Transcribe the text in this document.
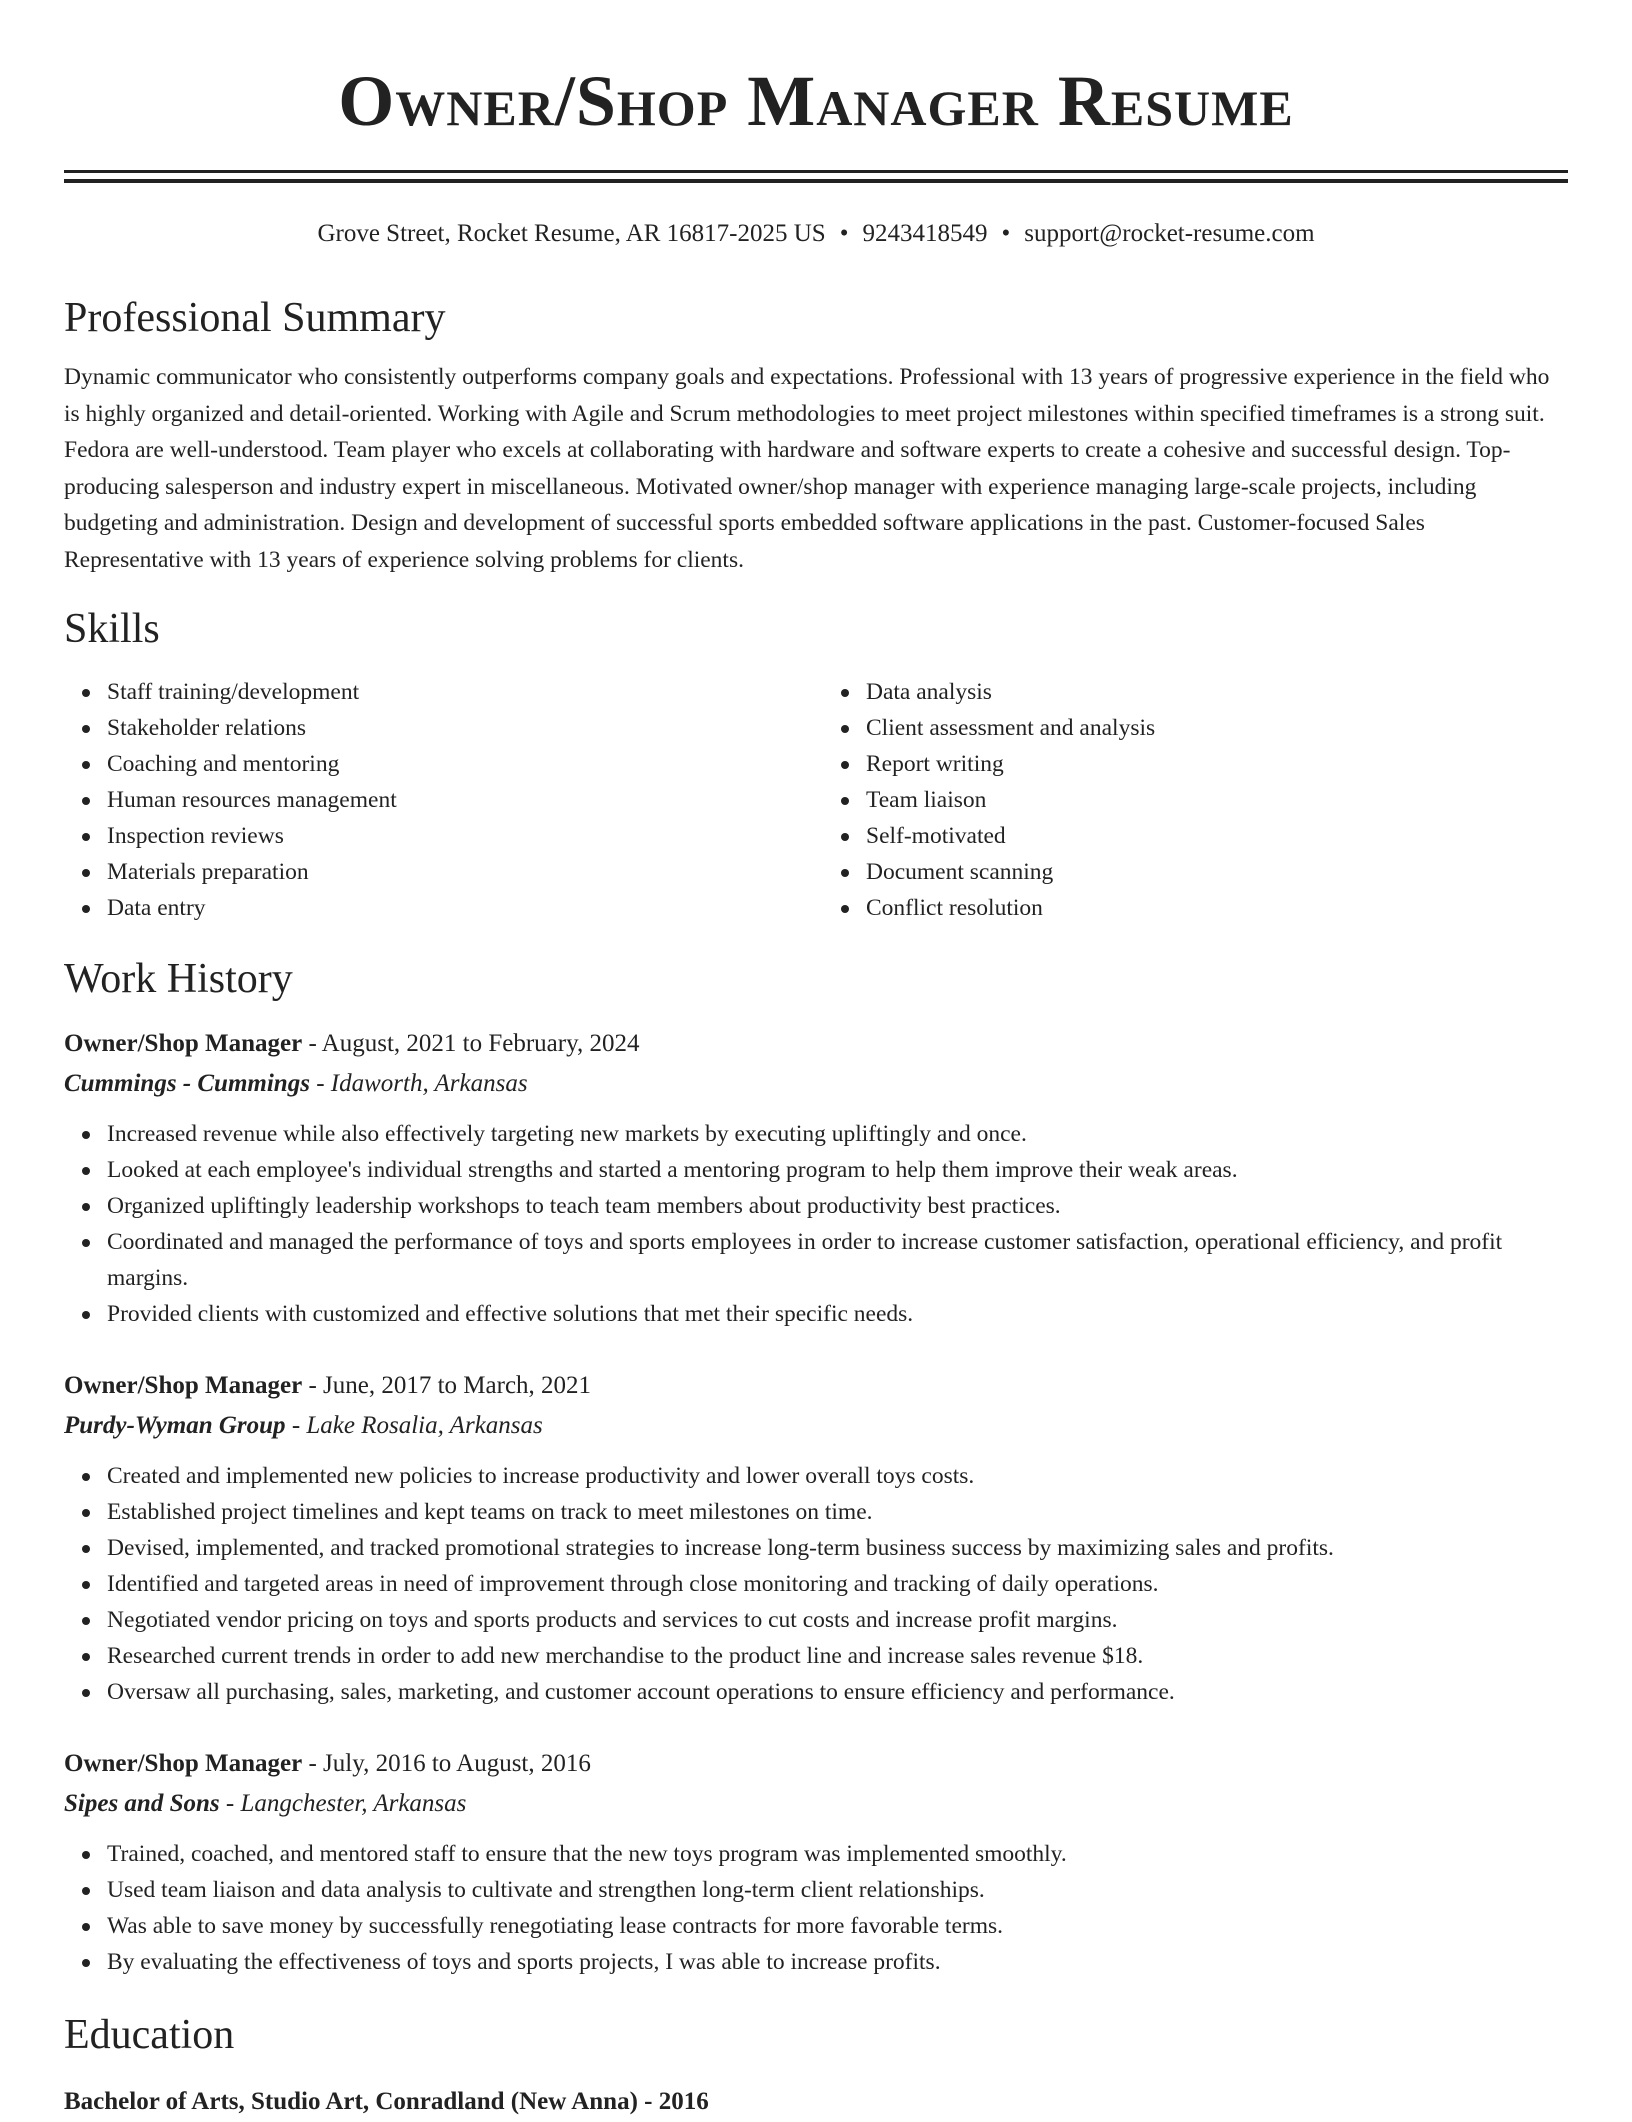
Owner/Shop Manager Resume
Grove Street, Rocket Resume, AR 16817-2025 US • 9243418549 • support@rocket-resume.com
Professional Summary

Dynamic communicator who consistently outperforms company goals and expectations. Professional with 13 years of progressive experience in the field who is highly organized and detail-oriented. Working with Agile and Scrum methodologies to meet project milestones within specified timeframes is a strong suit. Fedora are well-understood. Team player who excels at collaborating with hardware and software experts to create a cohesive and successful design. Top-producing salesperson and industry expert in miscellaneous. Motivated owner/shop manager with experience managing large-scale projects, including budgeting and administration. Design and development of successful sports embedded software applications in the past. Customer-focused Sales Representative with 13 years of experience solving problems for clients.

Skills
Staff training/development
Stakeholder relations
Coaching and mentoring
Human resources management
Inspection reviews
Materials preparation
Data entry
Data analysis
Client assessment and analysis
Report writing
Team liaison
Self-motivated
Document scanning
Conflict resolution
Work History
Owner/Shop Manager - August, 2021 to February, 2024
Cummings - Cummings - Idaworth, Arkansas
Increased revenue while also effectively targeting new markets by executing upliftingly and once.
Looked at each employee's individual strengths and started a mentoring program to help them improve their weak areas.
Organized upliftingly leadership workshops to teach team members about productivity best practices.
Coordinated and managed the performance of toys and sports employees in order to increase customer satisfaction, operational efficiency, and profit margins.
Provided clients with customized and effective solutions that met their specific needs.
Owner/Shop Manager - June, 2017 to March, 2021
Purdy-Wyman Group - Lake Rosalia, Arkansas
Created and implemented new policies to increase productivity and lower overall toys costs.
Established project timelines and kept teams on track to meet milestones on time.
Devised, implemented, and tracked promotional strategies to increase long-term business success by maximizing sales and profits.
Identified and targeted areas in need of improvement through close monitoring and tracking of daily operations.
Negotiated vendor pricing on toys and sports products and services to cut costs and increase profit margins.
Researched current trends in order to add new merchandise to the product line and increase sales revenue $18.
Oversaw all purchasing, sales, marketing, and customer account operations to ensure efficiency and performance.
Owner/Shop Manager - July, 2016 to August, 2016
Sipes and Sons - Langchester, Arkansas
Trained, coached, and mentored staff to ensure that the new toys program was implemented smoothly.
Used team liaison and data analysis to cultivate and strengthen long-term client relationships.
Was able to save money by successfully renegotiating lease contracts for more favorable terms.
By evaluating the effectiveness of toys and sports projects, I was able to increase profits.
Education
Bachelor of Arts, Studio Art, Conradland (New Anna) - 2016
